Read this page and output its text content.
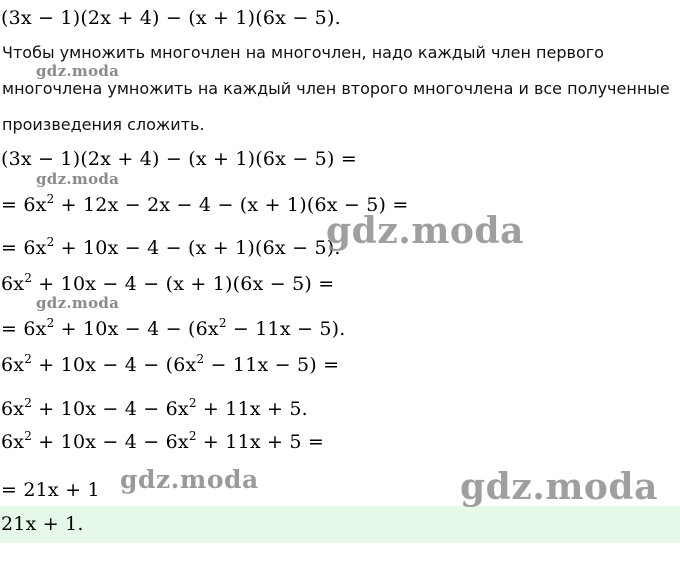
(3x − 1)(2x + 4) − (x + 1)(6x − 5).
Чтобы умножить многочлен на многочлен, надо каждый член первого
многочлена умножить на каждый член второго многочлена и все полученные
произведения сложить.
(3x − 1)(2x + 4) − (x + 1)(6x − 5) =
= $6x^2 + 12x - 2x - 4 - (x + 1)(6x - 5)$ =
= $6x^2 + 10x - 4 - (x + 1)(6x - 5)$.
$6x^2 + 10x - 4 - (x + 1)(6x - 5)$ =
= $6x^2 + 10x - 4 - (6x^2 - 11x - 5)$.
$6x^2 + 10x - 4 - (6x^2 - 11x - 5)$ =
$6x^2 + 10x - 4 - 6x^2 + 11x + 5$.
$6x^2 + 10x - 4 - 6x^2 + 11x + 5$ =
= 21x + 1
21x + 1.
gdz.moda
gdz.moda
gdz.moda
gdz.moda
gdz.moda	gdz.moda
